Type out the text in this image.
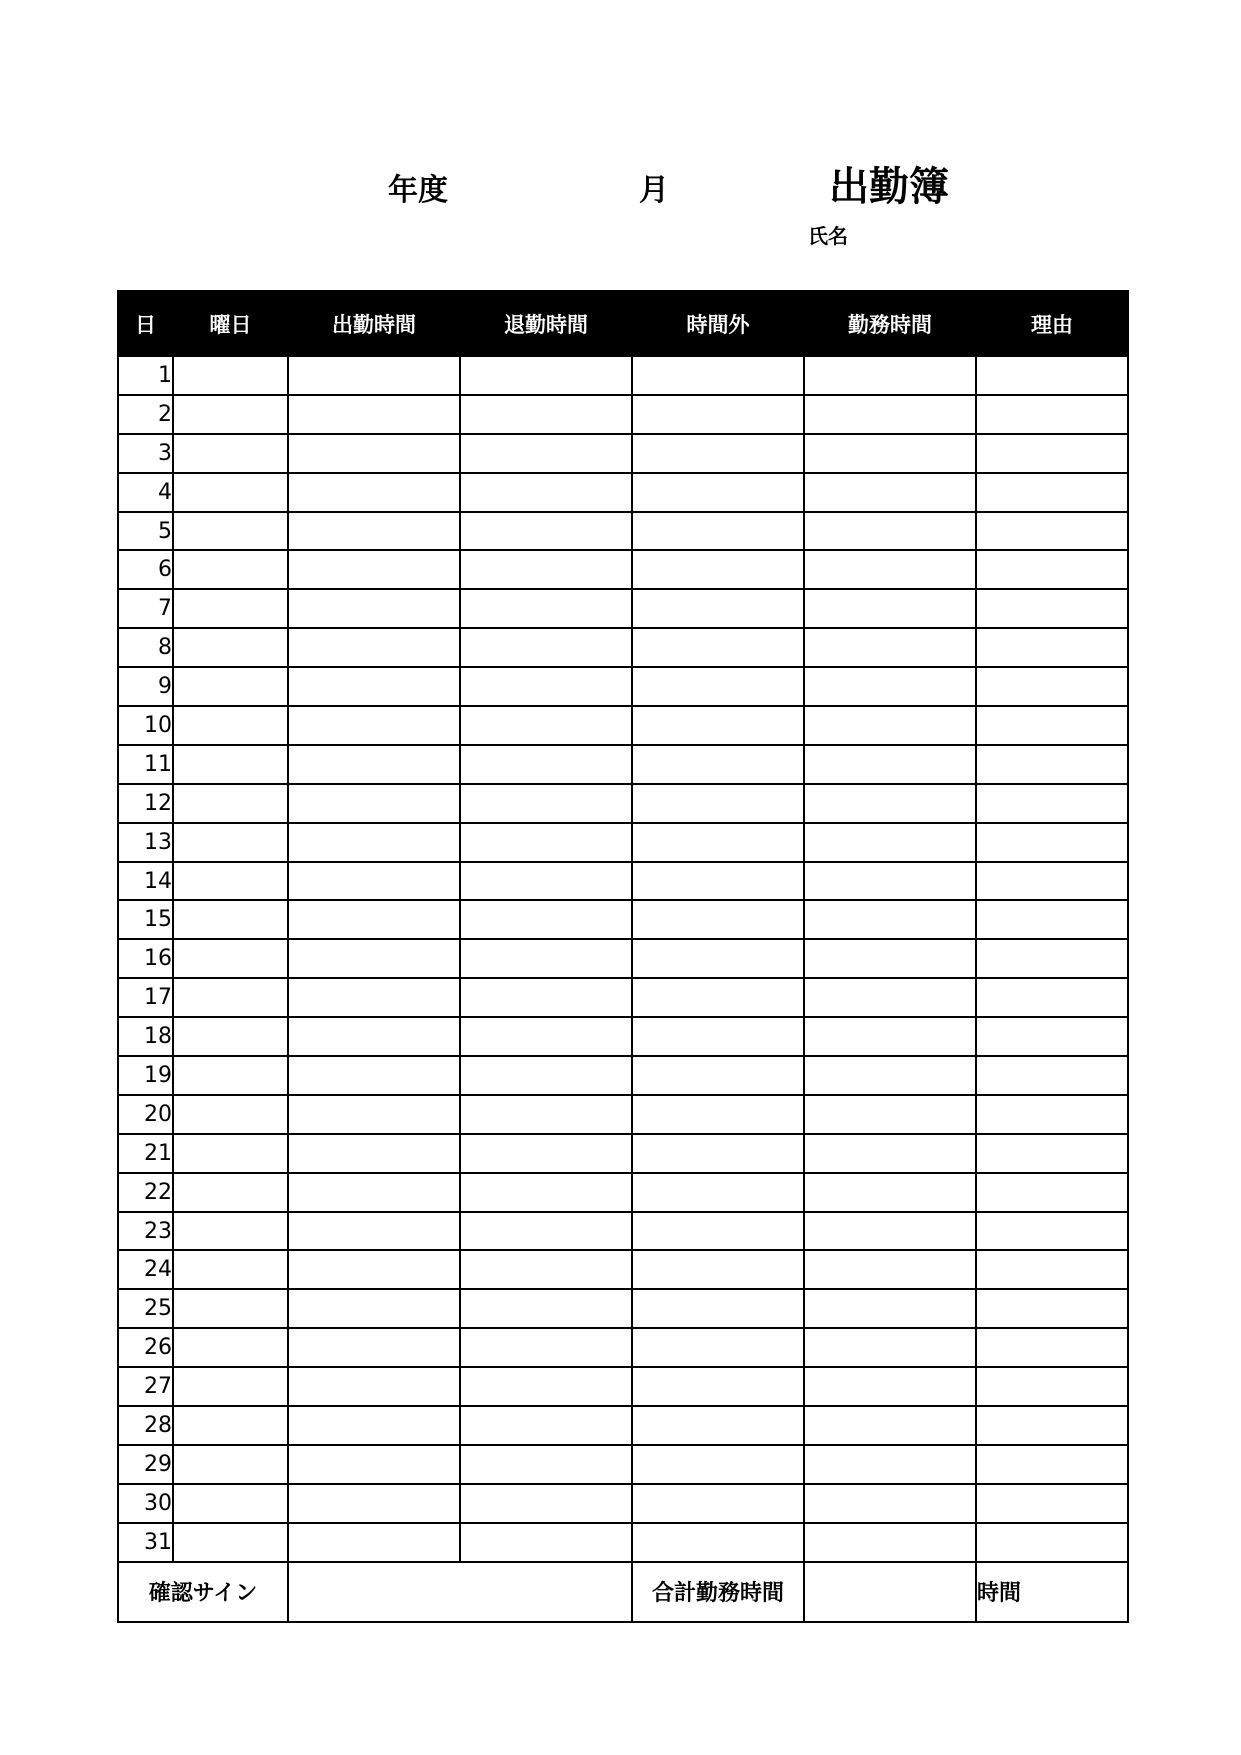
年度	月	出勤簿
氏名
日	曜日	出勤時間	退勤時間	時間外	勤務時間	理由
1						
2						
3						
4						
5						
6						
7						
8						
9						
10						
11						
12						
13						
14						
15						
16						
17						
18						
19						
20						
21						
22						
23						
24						
25						
26						
27						
28						
29						
30						
31						
確認サイン				合計勤務時間		時間
